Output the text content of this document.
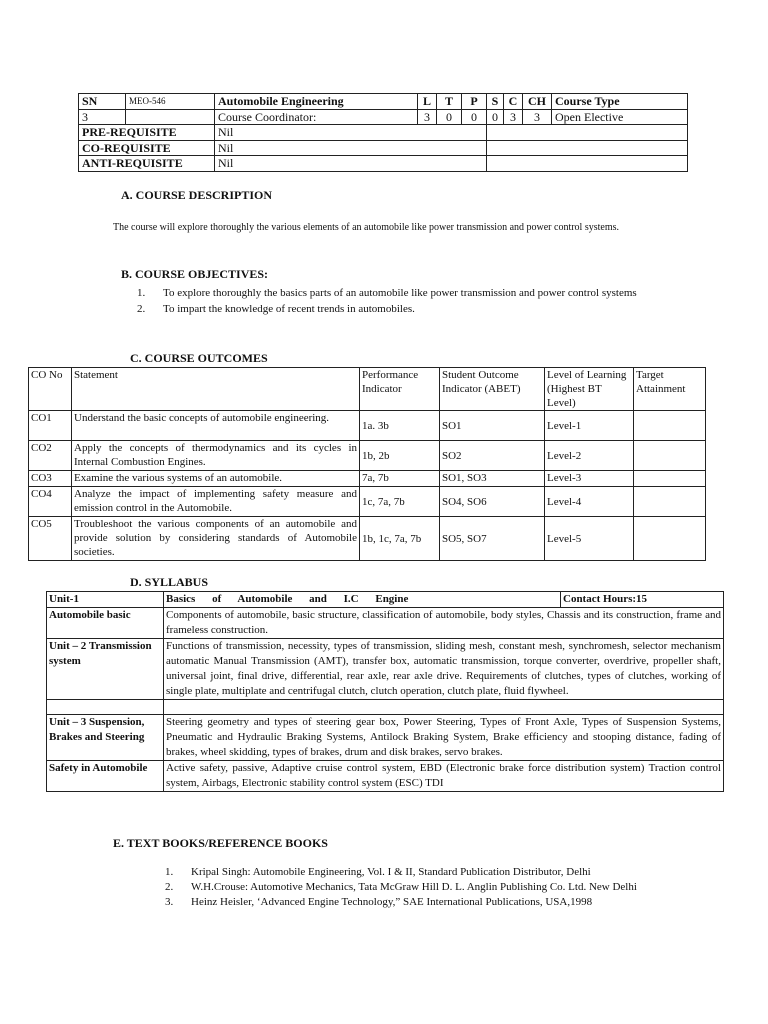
SN	MEO-546	Automobile Engineering	L	T	P	S	C	CH	Course Type
3		Course Coordinator:	3	0	0	0	3	3	Open Elective
PRE-REQUISITE		Nil							
CO-REQUISITE		Nil							
ANTI-REQUISITE		Nil							
A. COURSE DESCRIPTION
The course will explore thoroughly the various elements of an automobile like power transmission and power control systems.
B. COURSE OBJECTIVES:
1. To explore thoroughly the basics parts of an automobile like power transmission and power control systems
2. To impart the knowledge of recent trends in automobiles.
C. COURSE OUTCOMES
CO No	Statement	Performance Indicator	Student Outcome Indicator (ABET)	Level of Learning (Highest BT Level)	Target Attainment
CO1	Understand the basic concepts of automobile engineering.	1a. 3b	SO1	Level-1	
CO2	Apply the concepts of thermodynamics and its cycles in Internal Combustion Engines.	1b, 2b	SO2	Level-2	
CO3	Examine the various systems of an automobile.	7a, 7b	SO1, SO3	Level-3	
CO4	Analyze the impact of implementing safety measure and emission control in the Automobile.	1c, 7a, 7b	SO4, SO6	Level-4	
CO5	Troubleshoot the various components of an automobile and provide solution by considering standards of Automobile societies.	1b, 1c, 7a, 7b	SO5, SO7	Level-5	
D. SYLLABUS
Unit-1	Basics of Automobile and I.C Engine	Contact Hours:15
Automobile basic	Components of automobile, basic structure, classification of automobile, body styles, Chassis and its construction, frame and frameless construction.	
Unit – 2 Transmission system	Functions of transmission, necessity, types of transmission, sliding mesh, constant mesh, synchromesh, selector mechanism automatic Manual Transmission (AMT), transfer box, automatic transmission, torque converter, overdrive, propeller shaft, universal joint, final drive, differential, rear axle, rear axle drive. Requirements of clutches, types of clutches, working of single plate, multiplate and centrifugal clutch, clutch operation, clutch plate, fluid flywheel.	

Unit – 3 Suspension, Brakes and Steering	Steering geometry and types of steering gear box, Power Steering, Types of Front Axle, Types of Suspension Systems, Pneumatic and Hydraulic Braking Systems, Antilock Braking System, Brake efficiency and stooping distance, fading of brakes, wheel skidding, types of brakes, drum and disk brakes, servo brakes.	
Safety in Automobile	Active safety, passive, Adaptive cruise control system, EBD (Electronic brake force distribution system) Traction control system, Airbags, Electronic stability control system (ESC) TDI	
E. TEXT BOOKS/REFERENCE BOOKS
1. Kripal Singh: Automobile Engineering, Vol. I & II, Standard Publication Distributor, Delhi
2. W.H.Crouse: Automotive Mechanics, Tata McGraw Hill D. L. Anglin Publishing Co. Ltd. New Delhi
3. Heinz Heisler, ‘Advanced Engine Technology,” SAE International Publications, USA,1998
